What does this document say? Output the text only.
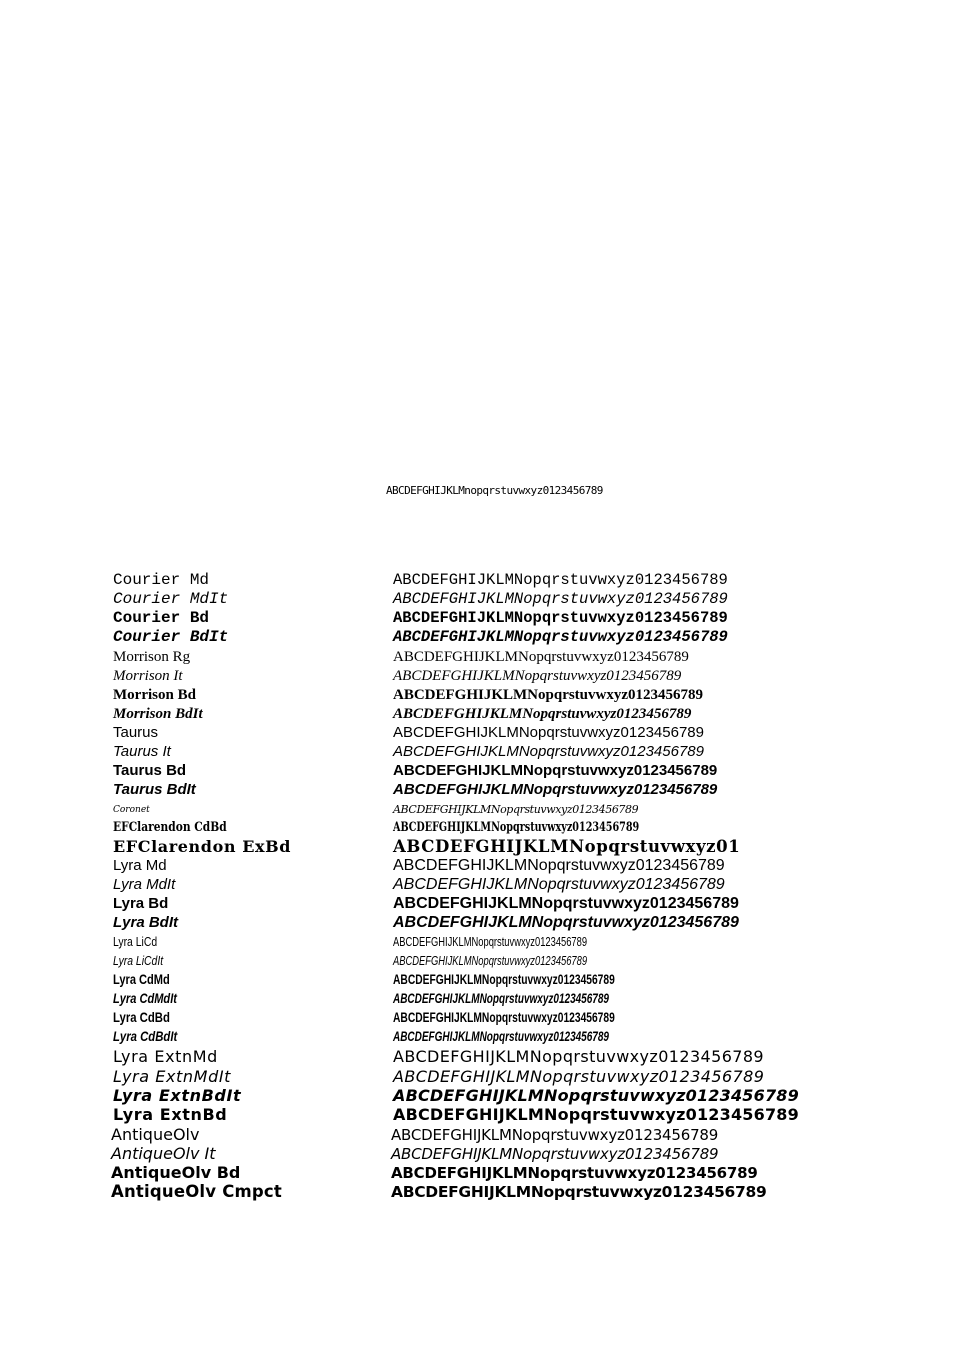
ABCDEFGHIJKLMnopqrstuvwxyz0123456789
Courier Md	ABCDEFGHIJKLMNopqrstuvwxyz0123456789
Courier MdIt	ABCDEFGHIJKLMNopqrstuvwxyz0123456789
Courier Bd	ABCDEFGHIJKLMNopqrstuvwxyz0123456789
Courier BdIt	ABCDEFGHIJKLMNopqrstuvwxyz0123456789
Morrison Rg	ABCDEFGHIJKLMNopqrstuvwxyz0123456789
Morrison It	ABCDEFGHIJKLMNopqrstuvwxyz0123456789
Morrison Bd	ABCDEFGHIJKLMNopqrstuvwxyz0123456789
Morrison BdIt	ABCDEFGHIJKLMNopqrstuvwxyz0123456789
Taurus	ABCDEFGHIJKLMNopqrstuvwxyz0123456789
Taurus It	ABCDEFGHIJKLMNopqrstuvwxyz0123456789
Taurus Bd	ABCDEFGHIJKLMNopqrstuvwxyz0123456789
Taurus BdIt	ABCDEFGHIJKLMNopqrstuvwxyz0123456789
Coronet	ABCDEFGHIJKLMNopqrstuvwxyz0123456789
EFClarendon CdBd	ABCDEFGHIJKLMNopqrstuvwxyz0123456789
EFClarendon ExBd	ABCDEFGHIJKLMNopqrstuvwxyz01
Lyra Md	ABCDEFGHIJKLMNopqrstuvwxyz0123456789
Lyra MdIt	ABCDEFGHIJKLMNopqrstuvwxyz0123456789
Lyra Bd	ABCDEFGHIJKLMNopqrstuvwxyz0123456789
Lyra BdIt	ABCDEFGHIJKLMNopqrstuvwxyz0123456789
Lyra LiCd	ABCDEFGHIJKLMNopqrstuvwxyz0123456789
Lyra LiCdIt	ABCDEFGHIJKLMNopqrstuvwxyz0123456789
Lyra CdMd	ABCDEFGHIJKLMNopqrstuvwxyz0123456789
Lyra CdMdIt	ABCDEFGHIJKLMNopqrstuvwxyz0123456789
Lyra CdBd	ABCDEFGHIJKLMNopqrstuvwxyz0123456789
Lyra CdBdIt	ABCDEFGHIJKLMNopqrstuvwxyz0123456789
Lyra ExtnMd	ABCDEFGHIJKLMNopqrstuvwxyz0123456789
Lyra ExtnMdIt	ABCDEFGHIJKLMNopqrstuvwxyz0123456789
Lyra ExtnBdIt	ABCDEFGHIJKLMNopqrstuvwxyz0123456789
Lyra ExtnBd	ABCDEFGHIJKLMNopqrstuvwxyz0123456789
AntiqueOlv	ABCDEFGHIJKLMNopqrstuvwxyz0123456789
AntiqueOlv It	ABCDEFGHIJKLMNopqrstuvwxyz0123456789
AntiqueOlv Bd	ABCDEFGHIJKLMNopqrstuvwxyz0123456789
AntiqueOlv Cmpct	ABCDEFGHIJKLMNopqrstuvwxyz0123456789
